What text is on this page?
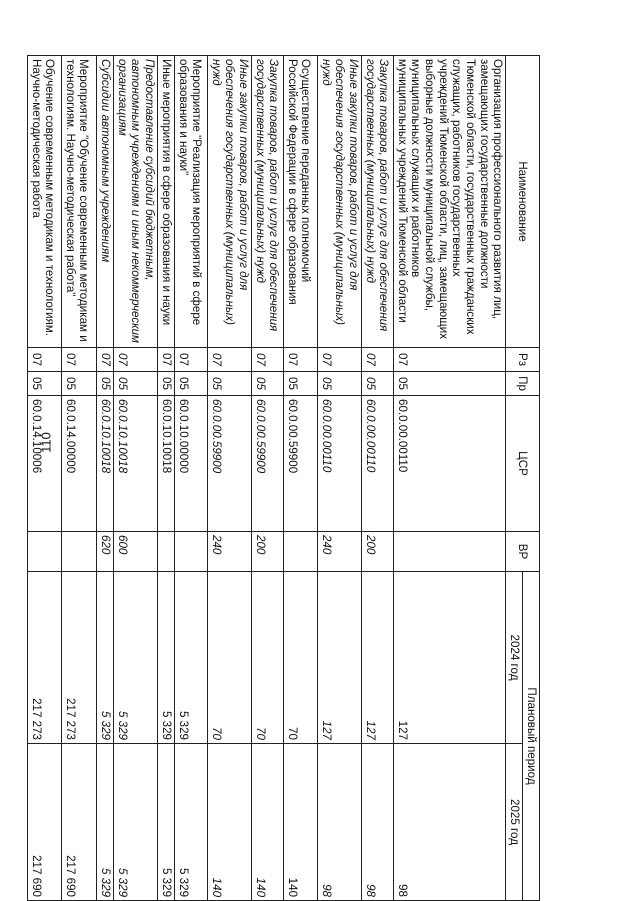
110
Наименование	Рз	Пр	ЦСР	ВР	Плановый период	
					2024 год	2025 год
Организация профессионального развития лиц, замещающих государственные должности Тюменской области, государственных гражданских служащих, работников государственных учреждений Тюменской области, лиц, замещающих выборные должности муниципальной службы, муниципальных служащих и работников муниципальных учреждений Тюменской области	07	05	60.0.00.00110		127	98
Закупка товаров, работ и услуг для обеспечения государственных (муниципальных) нужд	07	05	60.0.00.00110	200	127	98
Иные закупки товаров, работ и услуг для обеспечения государственных (муниципальных) нужд	07	05	60.0.00.00110	240	127	98
Осуществление переданных полномочий Российской Федерации в сфере образования	07	05	60.0.00.59900		70	140
Закупка товаров, работ и услуг для обеспечения государственных (муниципальных) нужд	07	05	60.0.00.59900	200	70	140
Иные закупки товаров, работ и услуг для обеспечения государственных (муниципальных) нужд	07	05	60.0.00.59900	240	70	140
Мероприятие "Реализация мероприятий в сфере образования и науки"	07	05	60.0.10.00000		5 329	5 329
Иные мероприятия в сфере образования и науки	07	05	60.0.10.10018		5 329	5 329
Предоставление субсидий бюджетным, автономным учреждениям и иным некоммерческим организациям	07	05	60.0.10.10018	600	5 329	5 329
Субсидии автономным учреждениям	07	05	60.0.10.10018	620	5 329	5 329
Мероприятие "Обучение современным методикам и технологиям. Научно-методическая работа"	07	05	60.0.14.00000		217 273	217 690
Обучение современным методикам и технологиям. Научно-методическая работа	07	05	60.0.14.10006		217 273	217 690
